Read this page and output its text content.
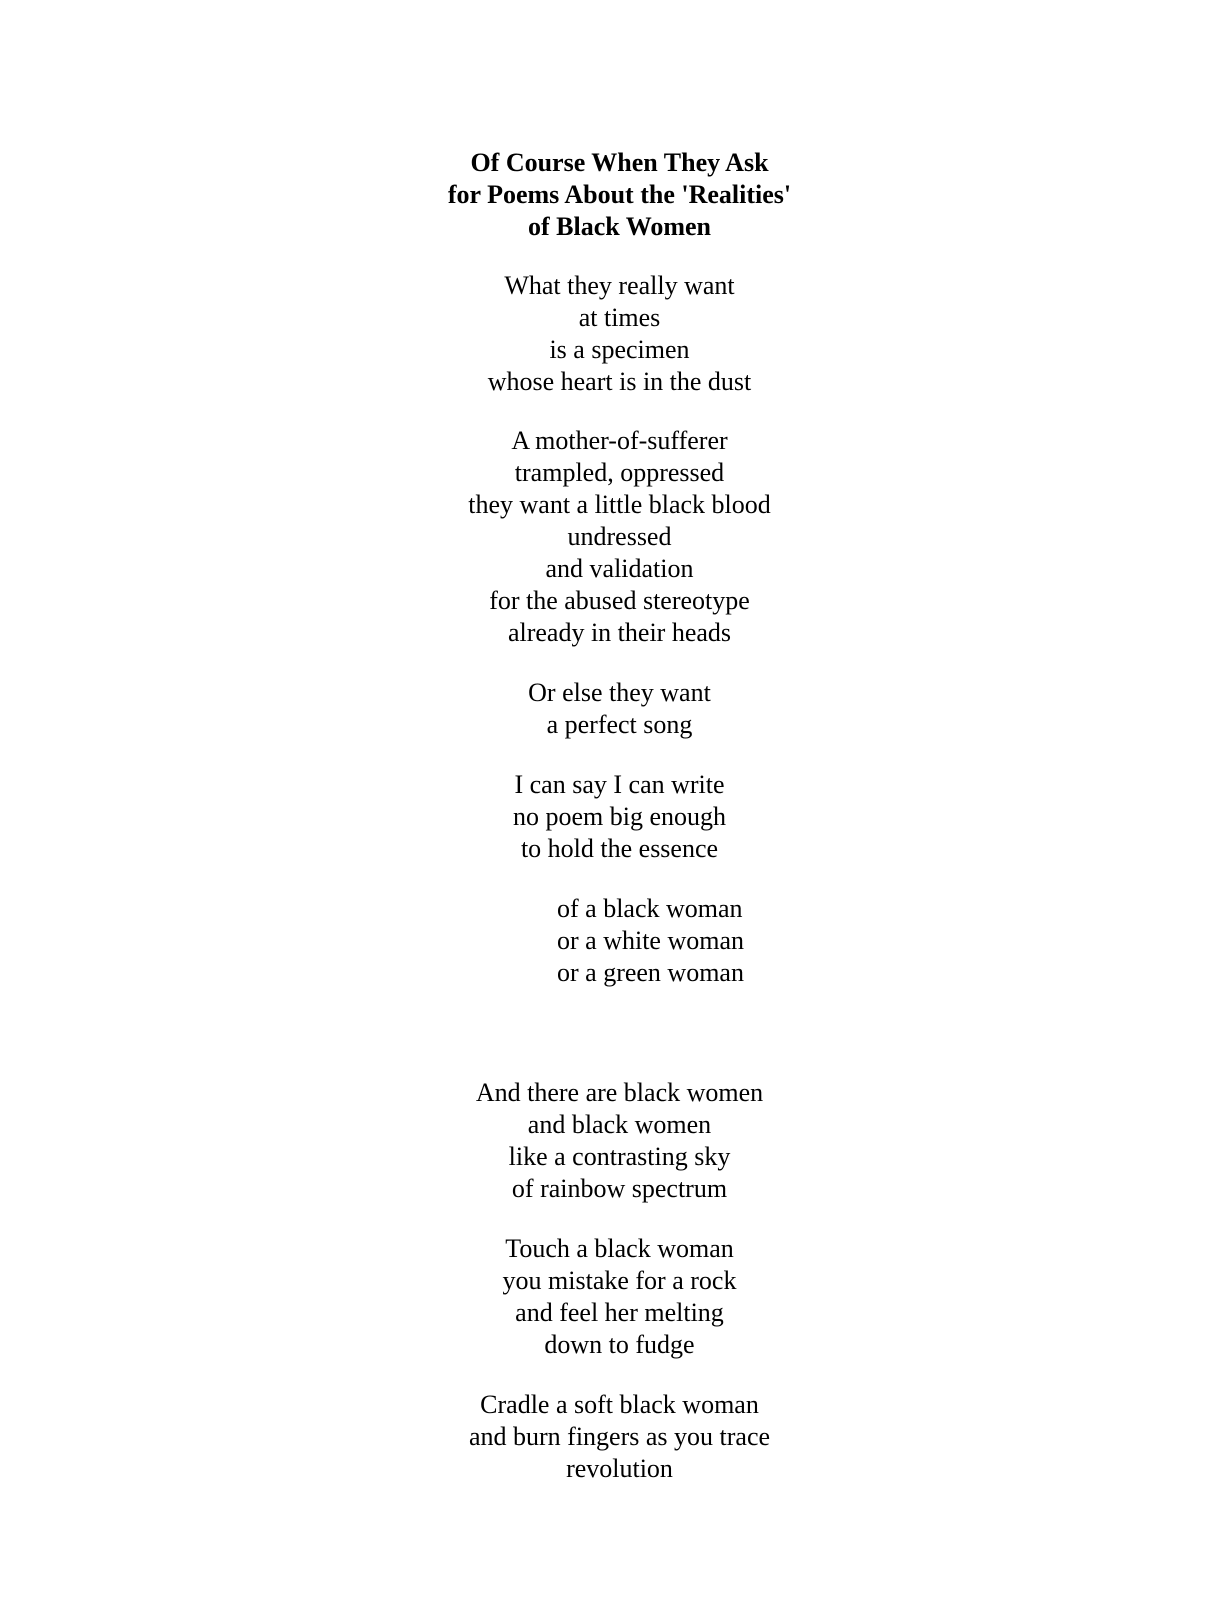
Of Course When They Ask
for Poems About the 'Realities'
of Black Women
What they really want
at times
is a specimen
whose heart is in the dust
A mother-of-sufferer
trampled, oppressed
they want a little black blood
undressed
and validation
for the abused stereotype
already in their heads
Or else they want
a perfect song
I can say I can write
no poem big enough
to hold the essence
of a black woman
or a white woman
or a green woman
And there are black women
and black women
like a contrasting sky
of rainbow spectrum
Touch a black woman
you mistake for a rock
and feel her melting
down to fudge
Cradle a soft black woman
and burn fingers as you trace
revolution
